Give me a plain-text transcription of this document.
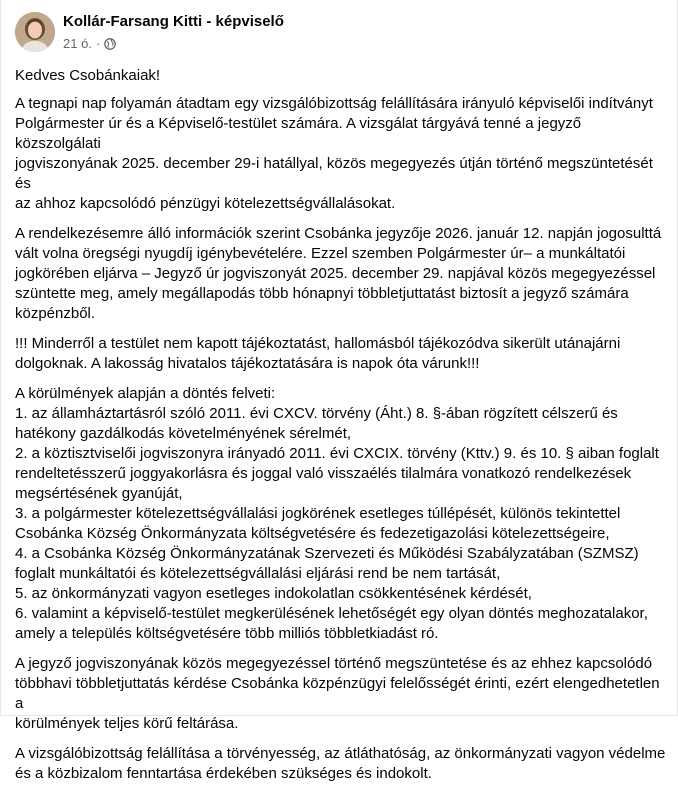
Kollár-Farsang Kitti - képviselő
21 ó. ·

Kedves Csobánkaiak!

A tegnapi nap folyamán átadtam egy vizsgálóbizottság felállítására irányuló képviselői indítványt
Polgármester úr és a Képviselő-testület számára. A vizsgálat tárgyává tenné a jegyző közszolgálati
jogviszonyának 2025. december 29-i hatállyal, közös megegyezés útján történő megszüntetését és
az ahhoz kapcsolódó pénzügyi kötelezettségvállalásokat.

A rendelkezésemre álló információk szerint Csobánka jegyzője 2026. január 12. napján jogosulttá
vált volna öregségi nyugdíj igénybevételére. Ezzel szemben Polgármester úr– a munkáltatói
jogkörében eljárva – Jegyző úr jogviszonyát 2025. december 29. napjával közös megegyezéssel
szüntette meg, amely megállapodás több hónapnyi többletjuttatást biztosít a jegyző számára
közpénzből.

!!! Minderről a testület nem kapott tájékoztatást, hallomásból tájékozódva sikerült utánajárni
dolgoknak. A lakosság hivatalos tájékoztatására is napok óta várunk!!!

A körülmények alapján a döntés felveti:
1. az államháztartásról szóló 2011. évi CXCV. törvény (Áht.) 8. §-ában rögzített célszerű és
hatékony gazdálkodás követelményének sérelmét,
2. a köztisztviselői jogviszonyra irányadó 2011. évi CXCIX. törvény (Kttv.) 9. és 10. § aiban foglalt
rendeltetésszerű joggyakorlásra és joggal való visszaélés tilalmára vonatkozó rendelkezések
megsértésének gyanúját,
3. a polgármester kötelezettségvállalási jogkörének esetleges túllépését, különös tekintettel
Csobánka Község Önkormányzata költségvetésére és fedezetigazolási kötelezettségeire,
4. a Csobánka Község Önkormányzatának Szervezeti és Működési Szabályzatában (SZMSZ)
foglalt munkáltatói és kötelezettségvállalási eljárási rend be nem tartását,
5. az önkormányzati vagyon esetleges indokolatlan csökkentésének kérdését,
6. valamint a képviselő-testület megkerülésének lehetőségét egy olyan döntés meghozatalakor,
amely a település költségvetésére több milliós többletkiadást ró.

A jegyző jogviszonyának közös megegyezéssel történő megszüntetése és az ehhez kapcsolódó
többhavi többletjuttatás kérdése Csobánka közpénzügyi felelősségét érinti, ezért elengedhetetlen a
körülmények teljes körű feltárása.

A vizsgálóbizottság felállítása a törvényesség, az átláthatóság, az önkormányzati vagyon védelme
és a közbizalom fenntartása érdekében szükséges és indokolt.
